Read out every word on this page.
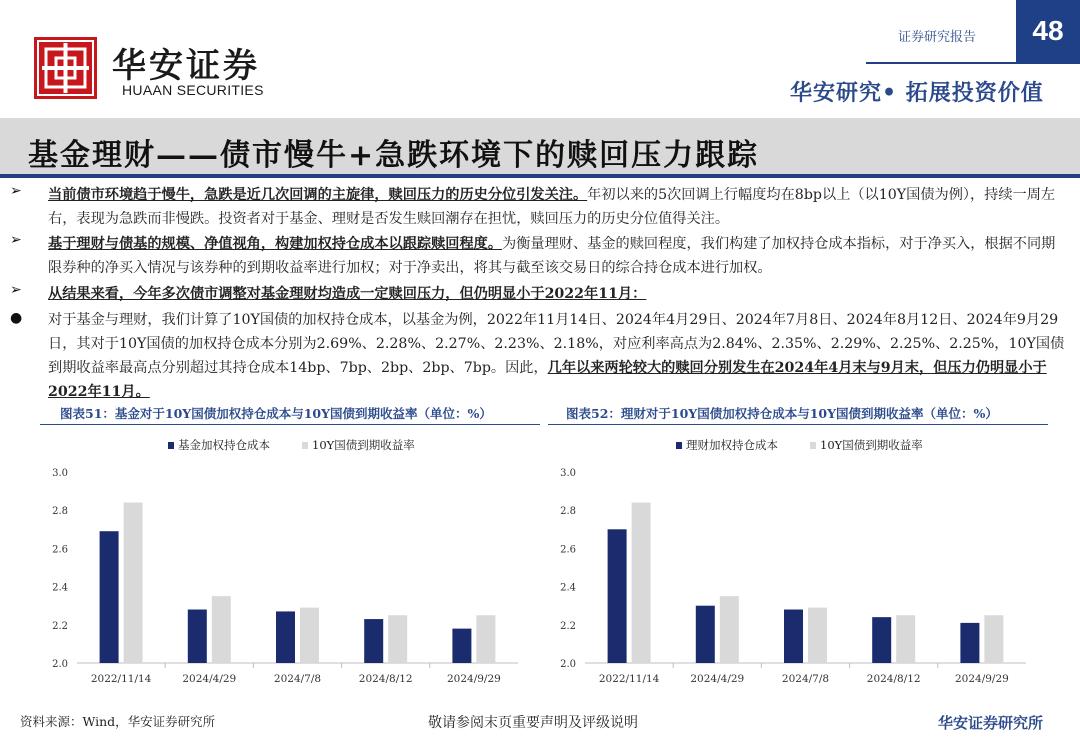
华安证券
HUAAN SECURITIES
证券研究报告	48
华安研究• 拓展投资价值
基金理财——债市慢牛+急跌环境下的赎回压力跟踪
➢ 当前债市环境趋于慢牛，急跌是近几次回调的主旋律，赎回压力的历史分位引发关注。年初以来的5次回调上行幅度均在8bp以上（以10Y国债为例），持续一周左右，表现为急跌而非慢跌。投资者对于基金、理财是否发生赎回潮存在担忧，赎回压力的历史分位值得关注。
➢ 基于理财与债基的规模、净值视角，构建加权持仓成本以跟踪赎回程度。为衡量理财、基金的赎回程度，我们构建了加权持仓成本指标，对于净买入，根据不同期限券种的净买入情况与该券种的到期收益率进行加权；对于净卖出，将其与截至该交易日的综合持仓成本进行加权。
➢ 从结果来看，今年多次债市调整对基金理财均造成一定赎回压力，但仍明显小于2022年11月：
● 对于基金与理财，我们计算了10Y国债的加权持仓成本，以基金为例，2022年11月14日、2024年4月29日、2024年7月8日、2024年8月12日、2024年9月29日，其对于10Y国债的加权持仓成本分别为2.69%、2.28%、2.27%、2.23%、2.18%，对应利率高点为2.84%、2.35%、2.29%、2.25%、2.25%，10Y国债到期收益率最高点分别超过其持仓成本14bp、7bp、2bp、2bp、7bp。因此，几年以来两轮较大的赎回分别发生在2024年4月末与9月末，但压力仍明显小于2022年11月。
图表51：基金对于10Y国债加权持仓成本与10Y国债到期收益率（单位：%）	图表52：理财对于10Y国债加权持仓成本与10Y国债到期收益率（单位：%）
基金加权持仓成本	10Y国债到期收益率
2.0
2.2
2.4
2.6
2.8
3.0
2022/11/14	2024/4/29	2024/7/8	2024/8/12	2024/9/29
理财加权持仓成本	10Y国债到期收益率
2.0
2.2
2.4
2.6
2.8
3.0
2022/11/14	2024/4/29	2024/7/8	2024/8/12	2024/9/29
资料来源：Wind，华安证券研究所	敬请参阅末页重要声明及评级说明	华安证券研究所
